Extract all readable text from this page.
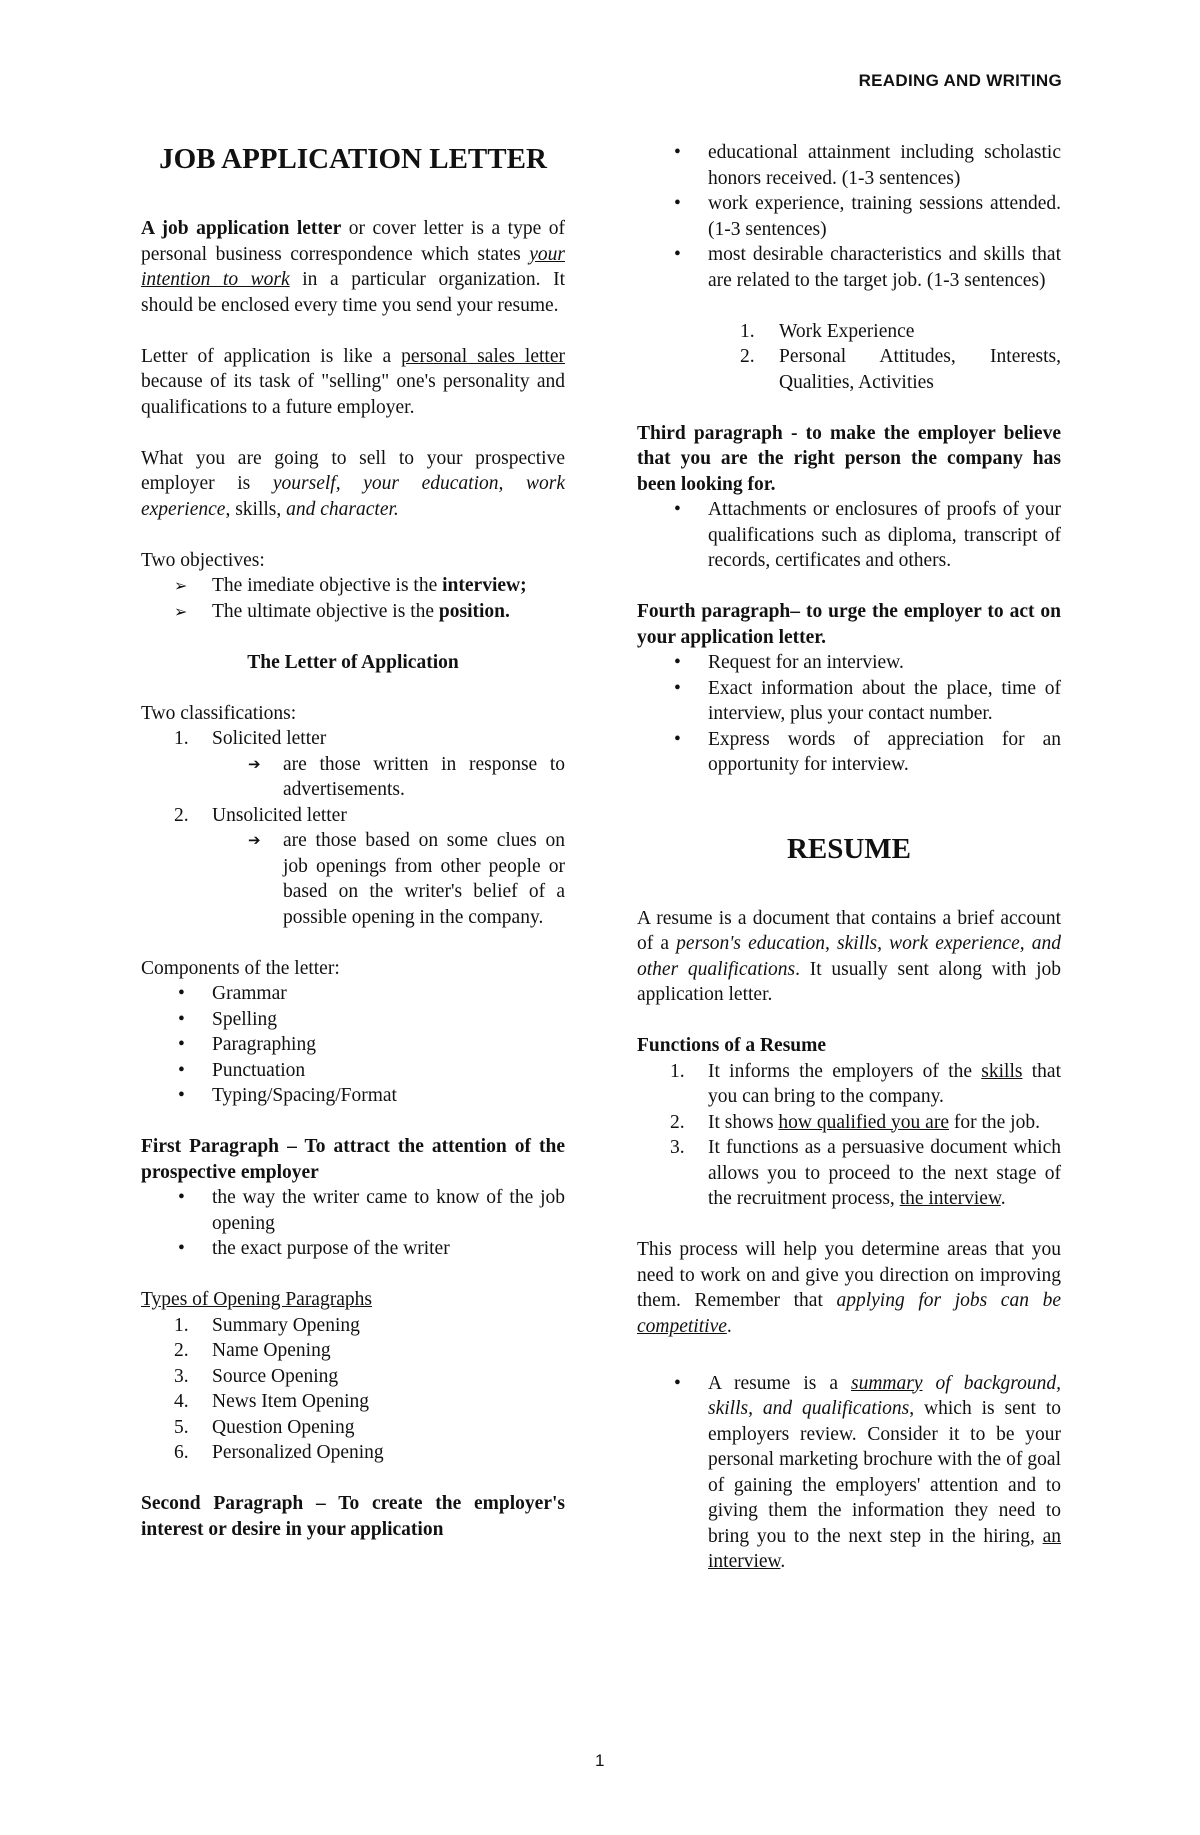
READING AND WRITING
JOB APPLICATION LETTER

A job application letter or cover letter is a type of personal business correspondence which states your intention to work in a particular organization. It should be enclosed every time you send your resume.

Letter of application is like a personal sales letter because of its task of "selling" one's personality and qualifications to a future employer.

What you are going to sell to your prospective employer is yourself, your education, work experience, skills, and character.

Two objectives:

➢ The imediate objective is the interview;
➢ The ultimate objective is the position.

The Letter of Application

Two classifications:

1. Solicited letter
➔ are those written in response to advertisements.
2. Unsolicited letter
➔ are those based on some clues on job openings from other people or based on the writer's belief of a possible opening in the company.

Components of the letter:

• Grammar
• Spelling
• Paragraphing
• Punctuation
• Typing/Spacing/Format

First Paragraph – To attract the attention of the prospective employer

• the way the writer came to know of the job opening
• the exact purpose of the writer

Types of Opening Paragraphs

1. Summary Opening
2. Name Opening
3. Source Opening
4. News Item Opening
5. Question Opening
6. Personalized Opening

Second Paragraph – To create the employer's interest or desire in your application

• educational attainment including scholastic honors received. (1-3 sentences)
• work experience, training sessions attended. (1-3 sentences)
• most desirable characteristics and skills that are related to the target job. (1-3 sentences)
1. Work Experience
2. Personal Attitudes, Interests, Qualities, Activities

Third paragraph - to make the employer believe that you are the right person the company has been looking for.

• Attachments or enclosures of proofs of your qualifications such as diploma, transcript of records, certificates and others.

Fourth paragraph– to urge the employer to act on your application letter.

• Request for an interview.
• Exact information about the place, time of interview, plus your contact number.
• Express words of appreciation for an opportunity for interview.
RESUME

A resume is a document that contains a brief account of a person's education, skills, work experience, and other qualifications. It usually sent along with job application letter.

Functions of a Resume

1. It informs the employers of the skills that you can bring to the company.
2. It shows how qualified you are for the job.
3. It functions as a persuasive document which allows you to proceed to the next stage of the recruitment process, the interview.

This process will help you determine areas that you need to work on and give you direction on improving them. Remember that applying for jobs can be competitive.

• A resume is a summary of background, skills, and qualifications, which is sent to employers review. Consider it to be your personal marketing brochure with the of goal of gaining the employers' attention and to giving them the information they need to bring you to the next step in the hiring, an interview.
1
